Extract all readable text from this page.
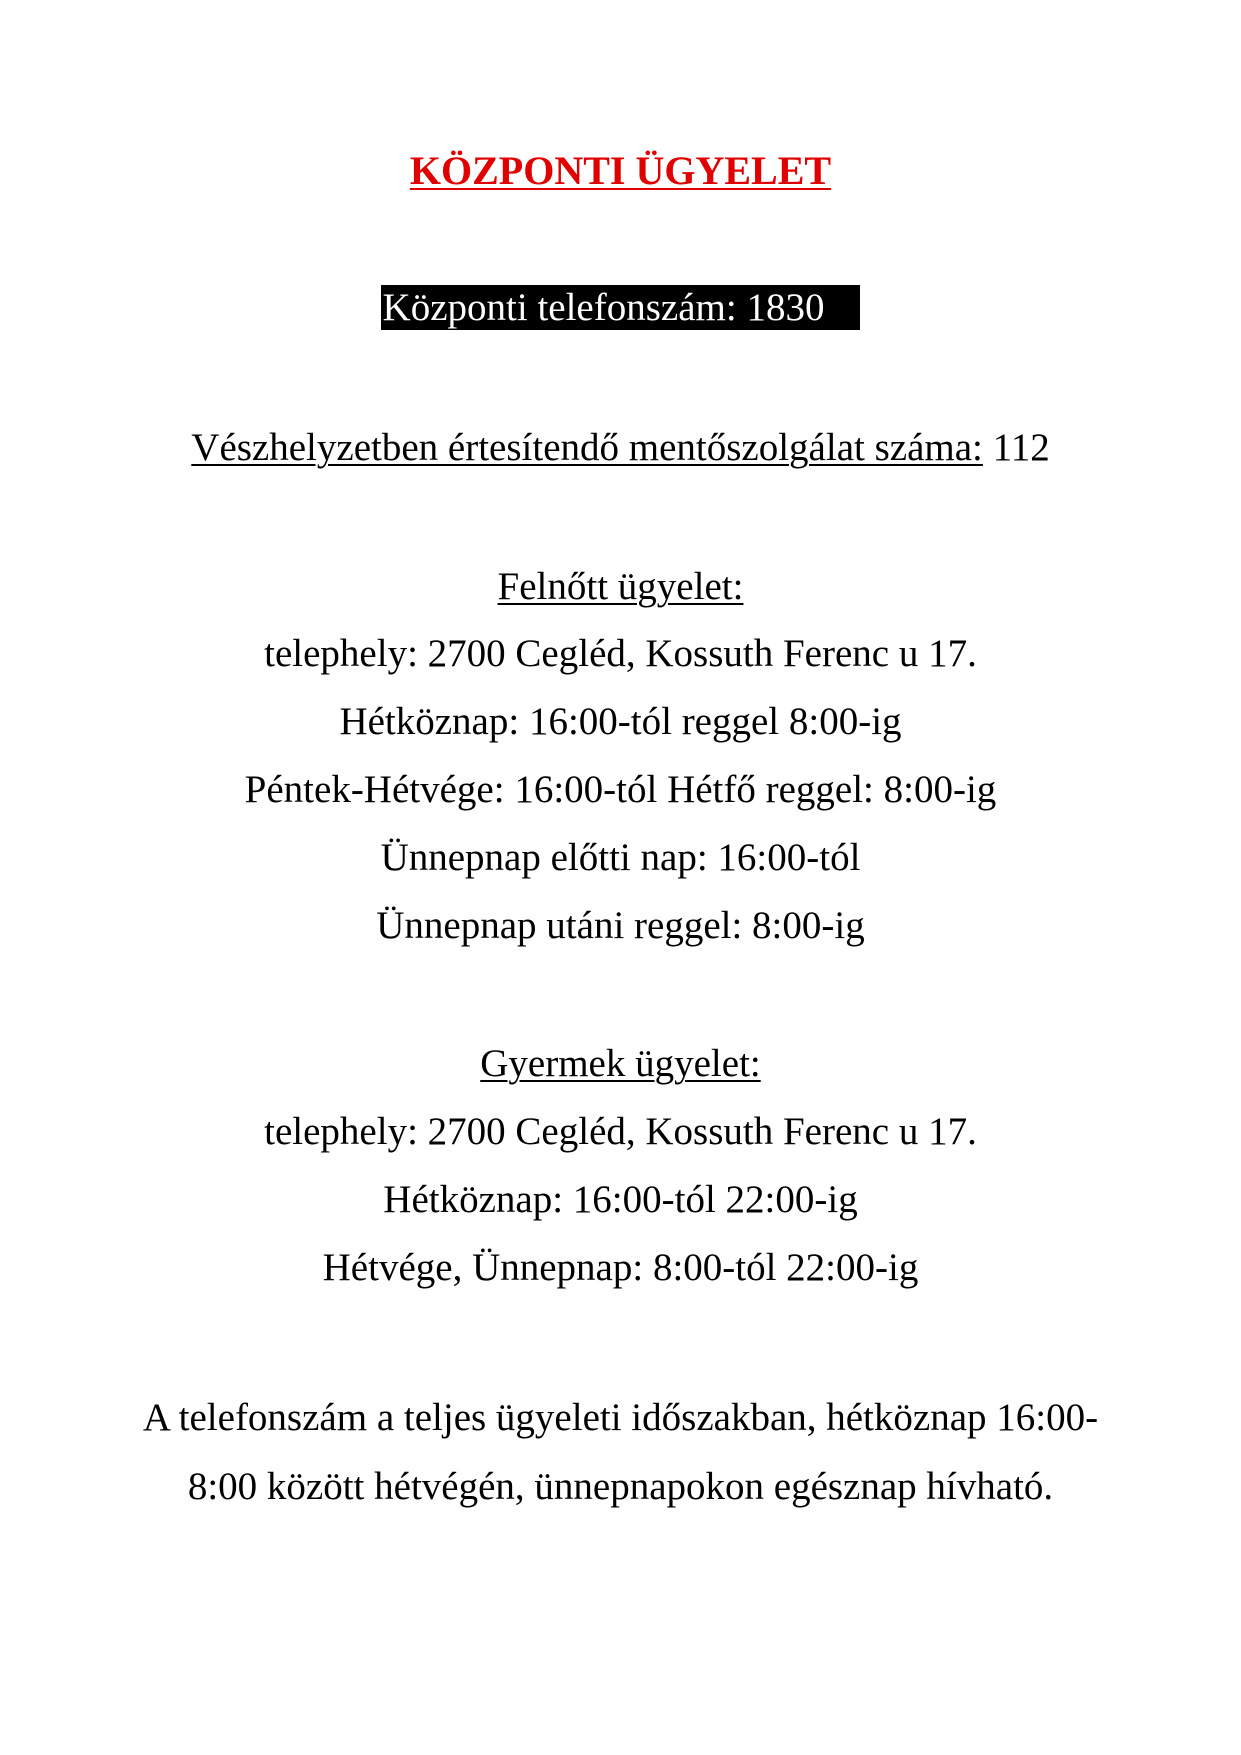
KÖZPONTI ÜGYELET
Központi telefonszám: 1830
Vészhelyzetben értesítendő mentőszolgálat száma: 112
Felnőtt ügyelet:
telephely: 2700 Cegléd, Kossuth Ferenc u 17.
Hétköznap: 16:00-tól reggel 8:00-ig
Péntek-Hétvége: 16:00-tól Hétfő reggel: 8:00-ig
Ünnepnap előtti nap: 16:00-tól
Ünnepnap utáni reggel: 8:00-ig
Gyermek ügyelet:
telephely: 2700 Cegléd, Kossuth Ferenc u 17.
Hétköznap: 16:00-tól 22:00-ig
Hétvége, Ünnepnap: 8:00-tól 22:00-ig
A telefonszám a teljes ügyeleti időszakban, hétköznap 16:00-8:00 között hétvégén, ünnepnapokon egésznap hívható.
